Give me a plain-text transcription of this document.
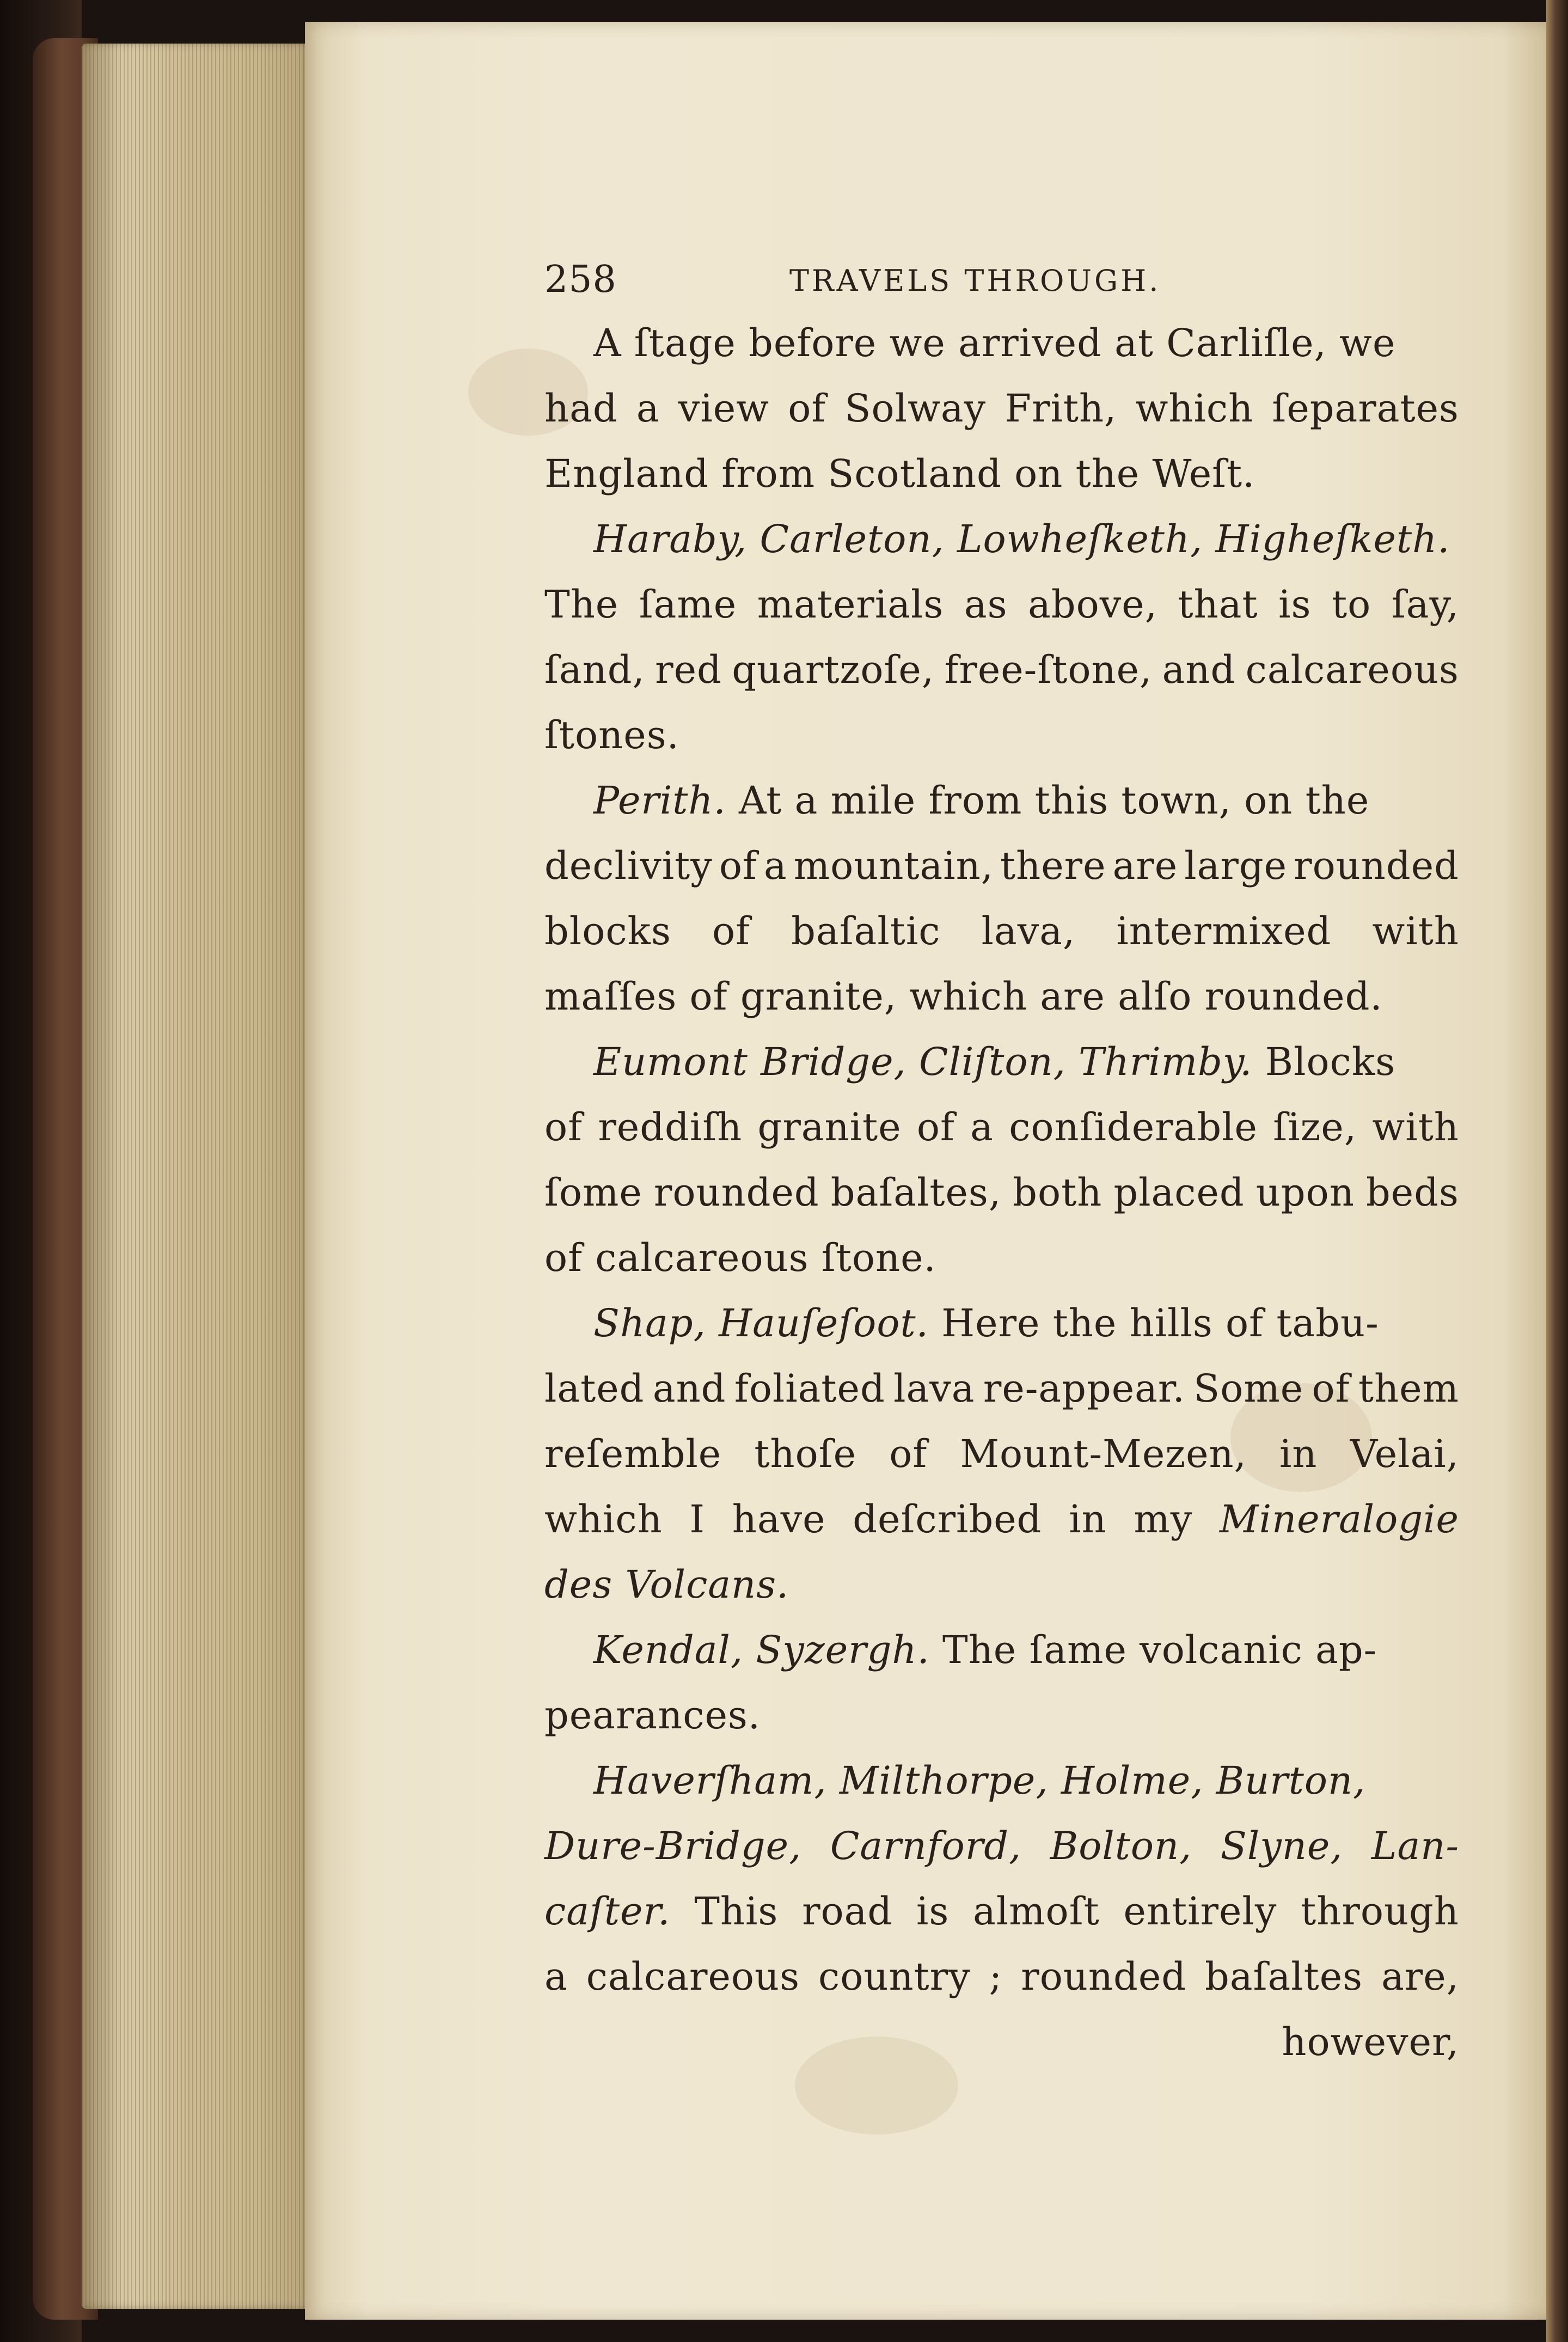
258	TRAVELS THROUGH.
A ſtage before we arrived at Carliſle, we
had a view of Solway Frith, which ſeparates
England from Scotland on the Weſt.
Haraby, Carleton, Lowheſketh, Higheſketh.
The ſame materials as above, that is to ſay,
ſand, red quartzoſe, free-ſtone, and calcareous
ſtones.
Perith. At a mile from this town, on the
declivity of a mountain, there are large rounded
blocks of baſaltic lava, intermixed with
maſſes of granite, which are alſo rounded.
Eumont Bridge, Cliſton, Thrimby. Blocks
of reddiſh granite of a conſiderable ſize, with
ſome rounded baſaltes, both placed upon beds
of calcareous ſtone.
Shap, Hauſeſoot. Here the hills of tabu-
lated and foliated lava re-appear. Some of them
reſemble thoſe of Mount-Mezen, in Velai,
which I have deſcribed in my Mineralogie
des Volcans.
Kendal, Syzergh. The ſame volcanic ap-
pearances.
Haverſham, Milthorpe, Holme, Burton,
Dure-Bridge, Carnford, Bolton, Slyne, Lan-
caſter. This road is almoſt entirely through
a calcareous country ; rounded baſaltes are,
however,
